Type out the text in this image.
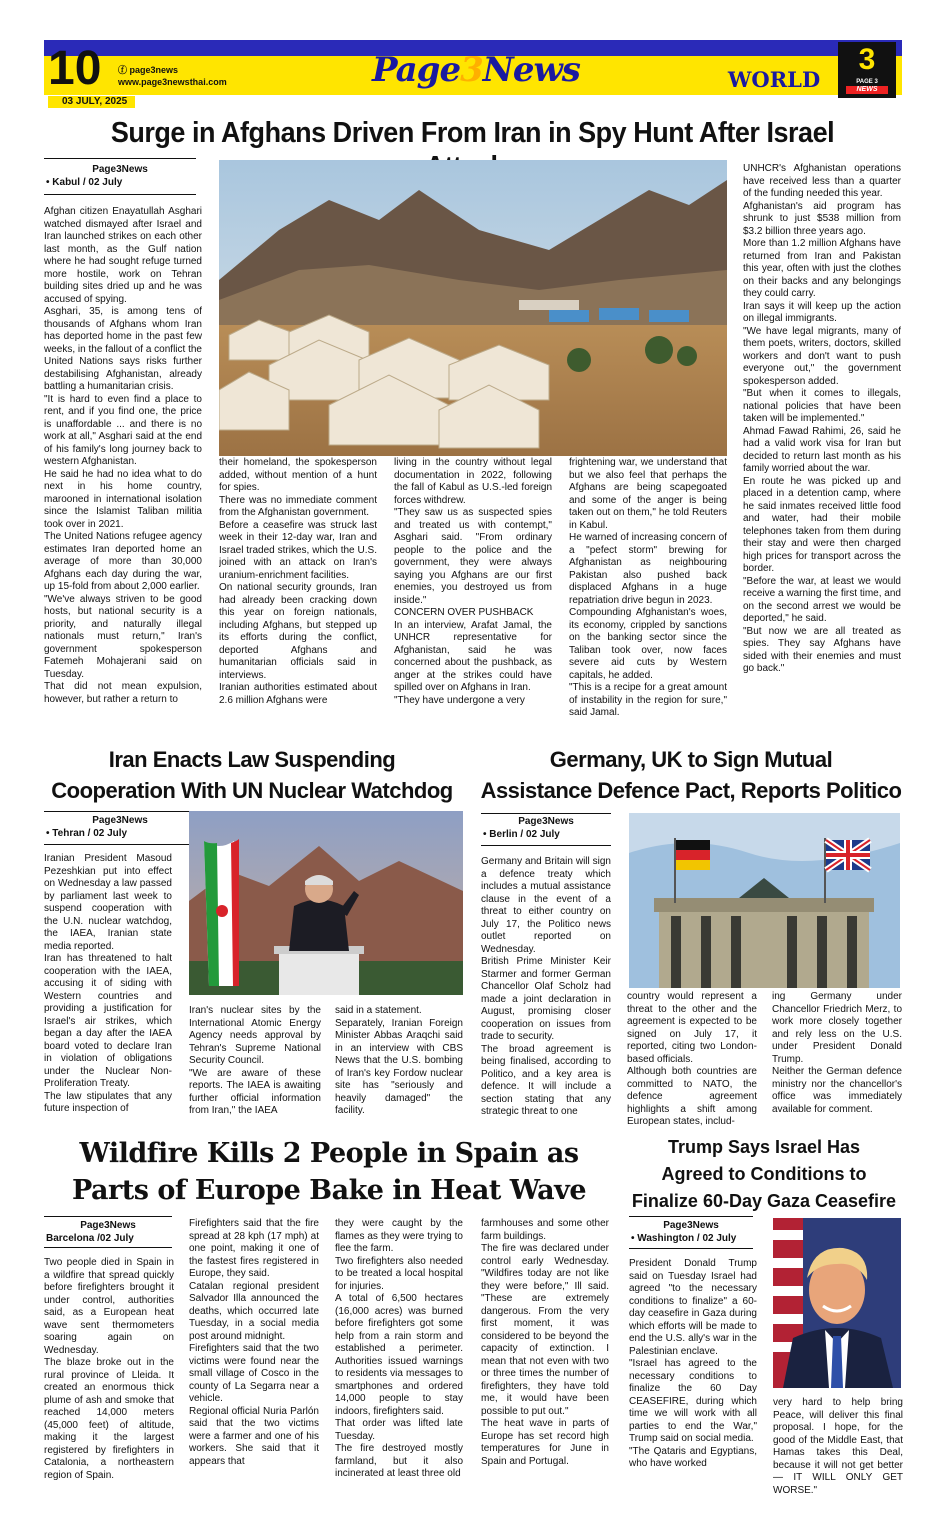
10 ⓕ page3news
www.page3newsthai.com
03 JULY, 2025
Page3News	WORLD
3
PAGE 3
NEWS
Surge in Afghans Driven From Iran in Spy Hunt After Israel
Page3News
• Kabul / 02 July

Afghan citizen Enayatullah Asghari watched dismayed after Israel and Iran launched strikes on each other last month, as the Gulf nation where he had sought refuge turned more hostile, work on Tehran building sites dried up and he was accused of spying.

Asghari, 35, is among tens of thousands of Afghans whom Iran has deported home in the past few weeks, in the fallout of a conflict the United Nations says risks further destabilising Afghanistan, already battling a humanitarian crisis.

"It is hard to even find a place to rent, and if you find one, the price is unaffordable ... and there is no work at all," Asghari said at the end of his family's long journey back to western Afghanistan.

He said he had no idea what to do next in his home country, marooned in international isolation since the Islamist Taliban militia took over in 2021.

The United Nations refugee agency estimates Iran deported home an average of more than 30,000 Afghans each day during the war, up 15-fold from about 2,000 earlier.

"We've always striven to be good hosts, but national security is a priority, and naturally illegal nationals must return," Iran's government spokesperson Fatemeh Mohajerani said on Tuesday.

That did not mean expulsion, however, but rather a return to

their homeland, the spokesperson added, without mention of a hunt for spies.

There was no immediate comment from the Afghanistan government.

Before a ceasefire was struck last week in their 12-day war, Iran and Israel traded strikes, which the U.S. joined with an attack on Iran's uranium-enrichment facilities.

On national security grounds, Iran had already been cracking down this year on foreign nationals, including Afghans, but stepped up its efforts during the conflict, deported Afghans and humanitarian officials said in interviews.

Iranian authorities estimated about 2.6 million Afghans were

living in the country without legal documentation in 2022, following the fall of Kabul as U.S.-led foreign forces withdrew.

"They saw us as suspected spies and treated us with contempt," Asghari said. "From ordinary people to the police and the government, they were always saying you Afghans are our first enemies, you destroyed us from inside."

CONCERN OVER PUSHBACK

In an interview, Arafat Jamal, the UNHCR representative for Afghanistan, said he was concerned about the pushback, as anger at the strikes could have spilled over on Afghans in Iran.

"They have undergone a very

frightening war, we understand that but we also feel that perhaps the Afghans are being scapegoated and some of the anger is being taken out on them," he told Reuters in Kabul.

He warned of increasing concern of a "pefect storm" brewing for Afghanistan as neighbouring Pakistan also pushed back displaced Afghans in a huge repatriation drive begun in 2023.

Compounding Afghanistan's woes, its economy, crippled by sanctions on the banking sector since the Taliban took over, now faces severe aid cuts by Western capitals, he added.

"This is a recipe for a great amount of instability in the region for sure," said Jamal.

UNHCR's Afghanistan operations have received less than a quarter of the funding needed this year.

Afghanistan's aid program has shrunk to just $538 million from $3.2 billion three years ago.

More than 1.2 million Afghans have returned from Iran and Pakistan this year, often with just the clothes on their backs and any belongings they could carry.

Iran says it will keep up the action on illegal immigrants.

"We have legal migrants, many of them poets, writers, doctors, skilled workers and don't want to push everyone out," the government spokesperson added.

"But when it comes to illegals, national policies that have been taken will be implemented."

Ahmad Fawad Rahimi, 26, said he had a valid work visa for Iran but decided to return last month as his family worried about the war.

En route he was picked up and placed in a detention camp, where he said inmates received little food and water, had their mobile telephones taken from them during their stay and were then charged high prices for transport across the border.

"Before the war, at least we would receive a warning the first time, and on the second arrest we would be deported," he said.

"But now we are all treated as spies. They say Afghans have sided with their enemies and must go back."

Iran Enacts Law Suspending
Cooperation With UN Nuclear Watchdog
Page3News
• Tehran / 02 July

Iranian President Masoud Pezeshkian put into effect on Wednesday a law passed by parliament last week to suspend cooperation with the U.N. nuclear watchdog, the IAEA, Iranian state media reported.

Iran has threatened to halt cooperation with the IAEA, accusing it of siding with Western countries and providing a justification for Israel's air strikes, which began a day after the IAEA board voted to declare Iran in violation of obligations under the Nuclear Non-Proliferation Treaty.

The law stipulates that any future inspection of

Iran's nuclear sites by the International Atomic Energy Agency needs approval by Tehran's Supreme National Security Council.

"We are aware of these reports. The IAEA is awaiting further official information from Iran," the IAEA

said in a statement.

Separately, Iranian Foreign Minister Abbas Araqchi said in an interview with CBS News that the U.S. bombing of Iran's key Fordow nuclear site has "seriously and heavily damaged" the facility.

Germany, UK to Sign Mutual
Assistance Defence Pact, Reports Politico
Page3News
• Berlin / 02 July

Germany and Britain will sign a defence treaty which includes a mutual assistance clause in the event of a threat to either country on July 17, the Politico news outlet reported on Wednesday.

British Prime Minister Keir Starmer and former German Chancellor Olaf Scholz had made a joint declaration in August, promising closer cooperation on issues from trade to security.

The broad agreement is being finalised, according to Politico, and a key area is defence. It will include a section stating that any strategic threat to one

country would represent a threat to the other and the agreement is expected to be signed on July 17, it reported, citing two London-based officials.

Although both countries are committed to NATO, the defence agreement highlights a shift among European states, includ-

ing Germany under Chancellor Friedrich Merz, to work more closely together and rely less on the U.S. under President Donald Trump.

Neither the German defence ministry nor the chancellor's office was immediately available for comment.

Wildfire Kills 2 People in Spain as
Parts of Europe Bake in Heat Wave
Page3News
Barcelona /02 July

Two people died in Spain in a wildfire that spread quickly before firefighters brought it under control, authorities said, as a European heat wave sent thermometers soaring again on Wednesday.

The blaze broke out in the rural province of Lleida. It created an enormous thick plume of ash and smoke that reached 14,000 meters (45,000 feet) of altitude, making it the largest registered by firefighters in Catalonia, a northeastern region of Spain.

Firefighters said that the fire spread at 28 kph (17 mph) at one point, making it one of the fastest fires registered in Europe, they said.

Catalan regional president Salvador Illa announced the deaths, which occurred late Tuesday, in a social media post around midnight.

Firefighters said that the two victims were found near the small village of Cosco in the county of La Segarra near a vehicle.

Regional official Nuria Parlón said that the two victims were a farmer and one of his workers. She said that it appears that

they were caught by the flames as they were trying to flee the farm.

Two firefighters also needed to be treated a local hospital for injuries.

A total of 6,500 hectares (16,000 acres) was burned before firefighters got some help from a rain storm and established a perimeter. Authorities issued warnings to residents via messages to smartphones and ordered 14,000 people to stay indoors, firefighters said.

That order was lifted late Tuesday.

The fire destroyed mostly farmland, but it also incinerated at least three old

farmhouses and some other farm buildings.

The fire was declared under control early Wednesday. "Wildfires today are not like they were before," Ill said. "These are extremely dangerous. From the very first moment, it was considered to be beyond the capacity of extinction. I mean that not even with two or three times the number of firefighters, they have told me, it would have been possible to put out."

The heat wave in parts of Europe has set record high temperatures for June in Spain and Portugal.

Trump Says Israel Has
Agreed to Conditions to
Finalize 60-Day Gaza Ceasefire
Page3News
• Washington / 02 July

President Donald Trump said on Tuesday Israel had agreed "to the necessary conditions to finalize" a 60-day ceasefire in Gaza during which efforts will be made to end the U.S. ally's war in the Palestinian enclave.

"Israel has agreed to the necessary conditions to finalize the 60 Day CEASEFIRE, during which time we will work with all parties to end the War," Trump said on social media.

"The Qataris and Egyptians, who have worked

very hard to help bring Peace, will deliver this final proposal. I hope, for the good of the Middle East, that Hamas takes this Deal, because it will not get better — IT WILL ONLY GET WORSE."
